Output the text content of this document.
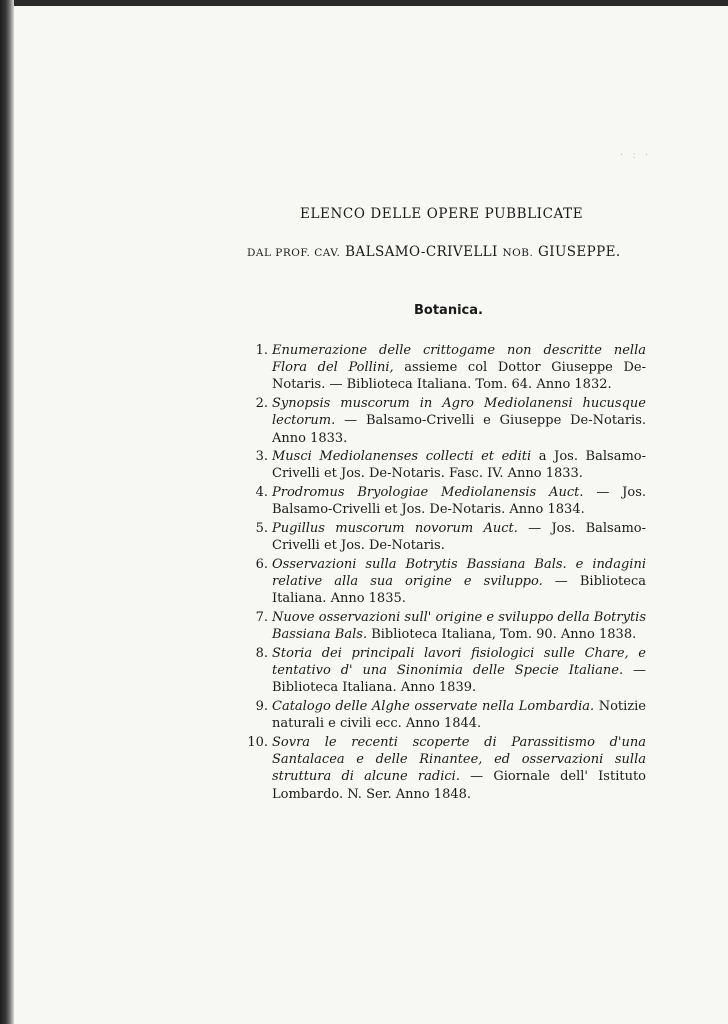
· ː ·
ELENCO DELLE OPERE PUBBLICATE
DAL PROF. CAV. BALSAMO-CRIVELLI NOB. GIUSEPPE.
Botanica.
1. Enumerazione delle crittogame non descritte nella Flora del Pollini, assieme col Dottor Giuseppe De-Notaris. — Biblioteca Italiana. Tom. 64. Anno 1832.
2. Synopsis muscorum in Agro Mediolanensi hucusque lectorum. — Balsamo-Crivelli e Giuseppe De-Notaris. Anno 1833.
3. Musci Mediolanenses collecti et editi a Jos. Balsamo-Crivelli et Jos. De-Notaris. Fasc. IV. Anno 1833.
4. Prodromus Bryologiae Mediolanensis Auct. — Jos. Balsamo-Crivelli et Jos. De-Notaris. Anno 1834.
5. Pugillus muscorum novorum Auct. — Jos. Balsamo-Crivelli et Jos. De-Notaris.
6. Osservazioni sulla Botrytis Bassiana Bals. e indagini relative alla sua origine e sviluppo. — Biblioteca Italiana. Anno 1835.
7. Nuove osservazioni sull' origine e sviluppo della Botrytis Bassiana Bals. Biblioteca Italiana, Tom. 90. Anno 1838.
8. Storia dei principali lavori fisiologici sulle Chare, e tentativo d' una Sinonimia delle Specie Italiane. — Biblioteca Italiana. Anno 1839.
9. Catalogo delle Alghe osservate nella Lombardia. Notizie naturali e civili ecc. Anno 1844.
10. Sovra le recenti scoperte di Parassitismo d'una Santalacea e delle Rinantee, ed osservazioni sulla struttura di alcune radici. — Giornale dell' Istituto Lombardo. N. Ser. Anno 1848.
